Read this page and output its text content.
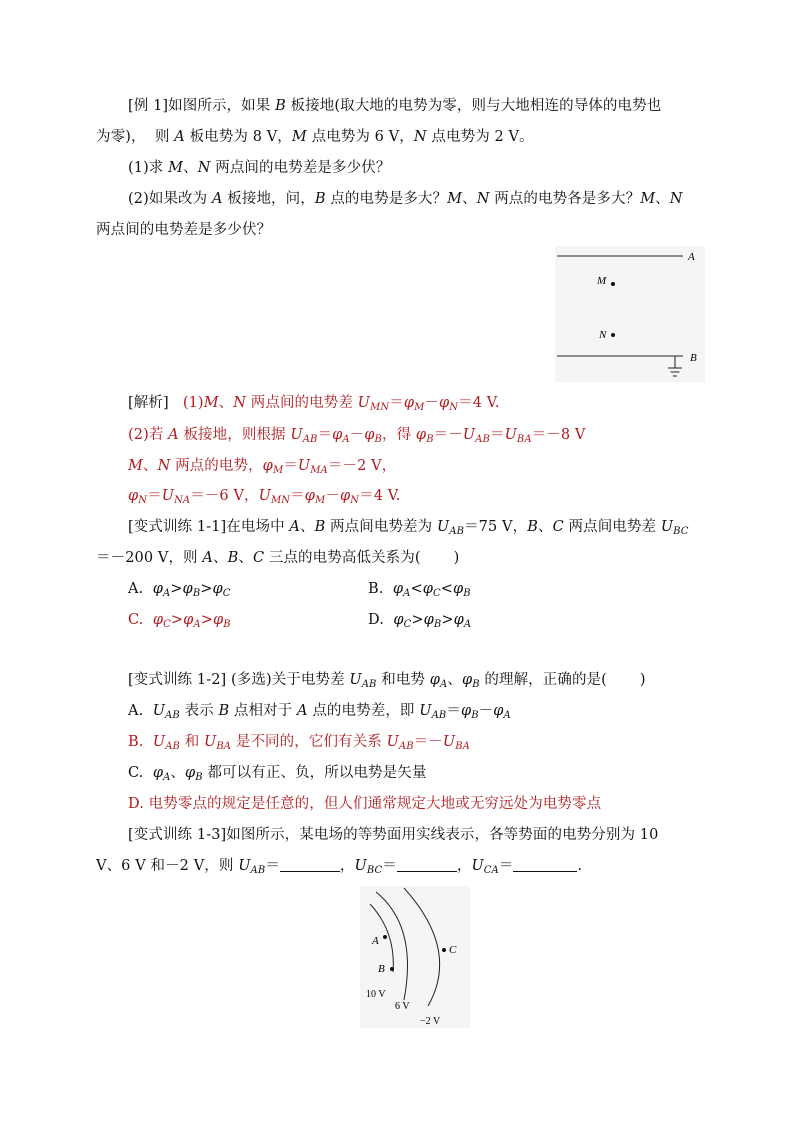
[例 1]如图所示，如果 B 板接地(取大地的电势为零，则与大地相连的导体的电势也
为零)，  则 A 板电势为 8 V，M 点电势为 6 V，N 点电势为 2 V。
(1)求 M、N 两点间的电势差是多少伏？
(2)如果改为 A 板接地，问，B 点的电势是多大？M、N 两点的电势各是多大？M、N
两点间的电势差是多少伏？
A
M
N
B
[解析]   (1)M、N 两点间的电势差 $U_{MN}=\varphi_M-\varphi_N=4$ V.
(2)若 A 板接地，则根据 $U_{AB}=\varphi_A-\varphi_B$，得 $\varphi_B=-U_{AB}=U_{BA}=-8$ V
M、N 两点的电势，$\varphi_M=U_{MA}=-2$ V，
$\varphi_N=U_{NA}=-6$ V，$U_{MN}=\varphi_M-\varphi_N=4$ V.
[变式训练 1-1]在电场中 A、B 两点间电势差为 $U_{AB}=75$ V，B、C 两点间电势差 $U_{BC}$
＝－200 V，则 A、B、C 三点的电势高低关系为(       )
A.  $\varphi_A>\varphi_B>\varphi_C$	B.  $\varphi_A<\varphi_C<\varphi_B$
C.  $\varphi_C>\varphi_A>\varphi_B$	D.  $\varphi_C>\varphi_B>\varphi_A$
[变式训练 1-2] (多选)关于电势差 $U_{AB}$ 和电势 $\varphi_A$、$\varphi_B$ 的理解，正确的是(       )
A.  $U_{AB}$ 表示 B 点相对于 A 点的电势差，即 $U_{AB}=\varphi_B-\varphi_A$
B.  $U_{AB}$ 和 $U_{BA}$ 是不同的，它们有关系 $U_{AB}=-U_{BA}$
C.  $\varphi_A$、$\varphi_B$ 都可以有正、负，所以电势是矢量
D. 电势零点的规定是任意的，但人们通常规定大地或无穷远处为电势零点
[变式训练 1-3]如图所示，某电场的等势面用实线表示，各等势面的电势分别为 10
V、6 V 和－2 V，则 $U_{AB}=$	，$U_{BC}=$	，$U_{CA}=$	.
A
B
C
10 V
6 V
−2 V
